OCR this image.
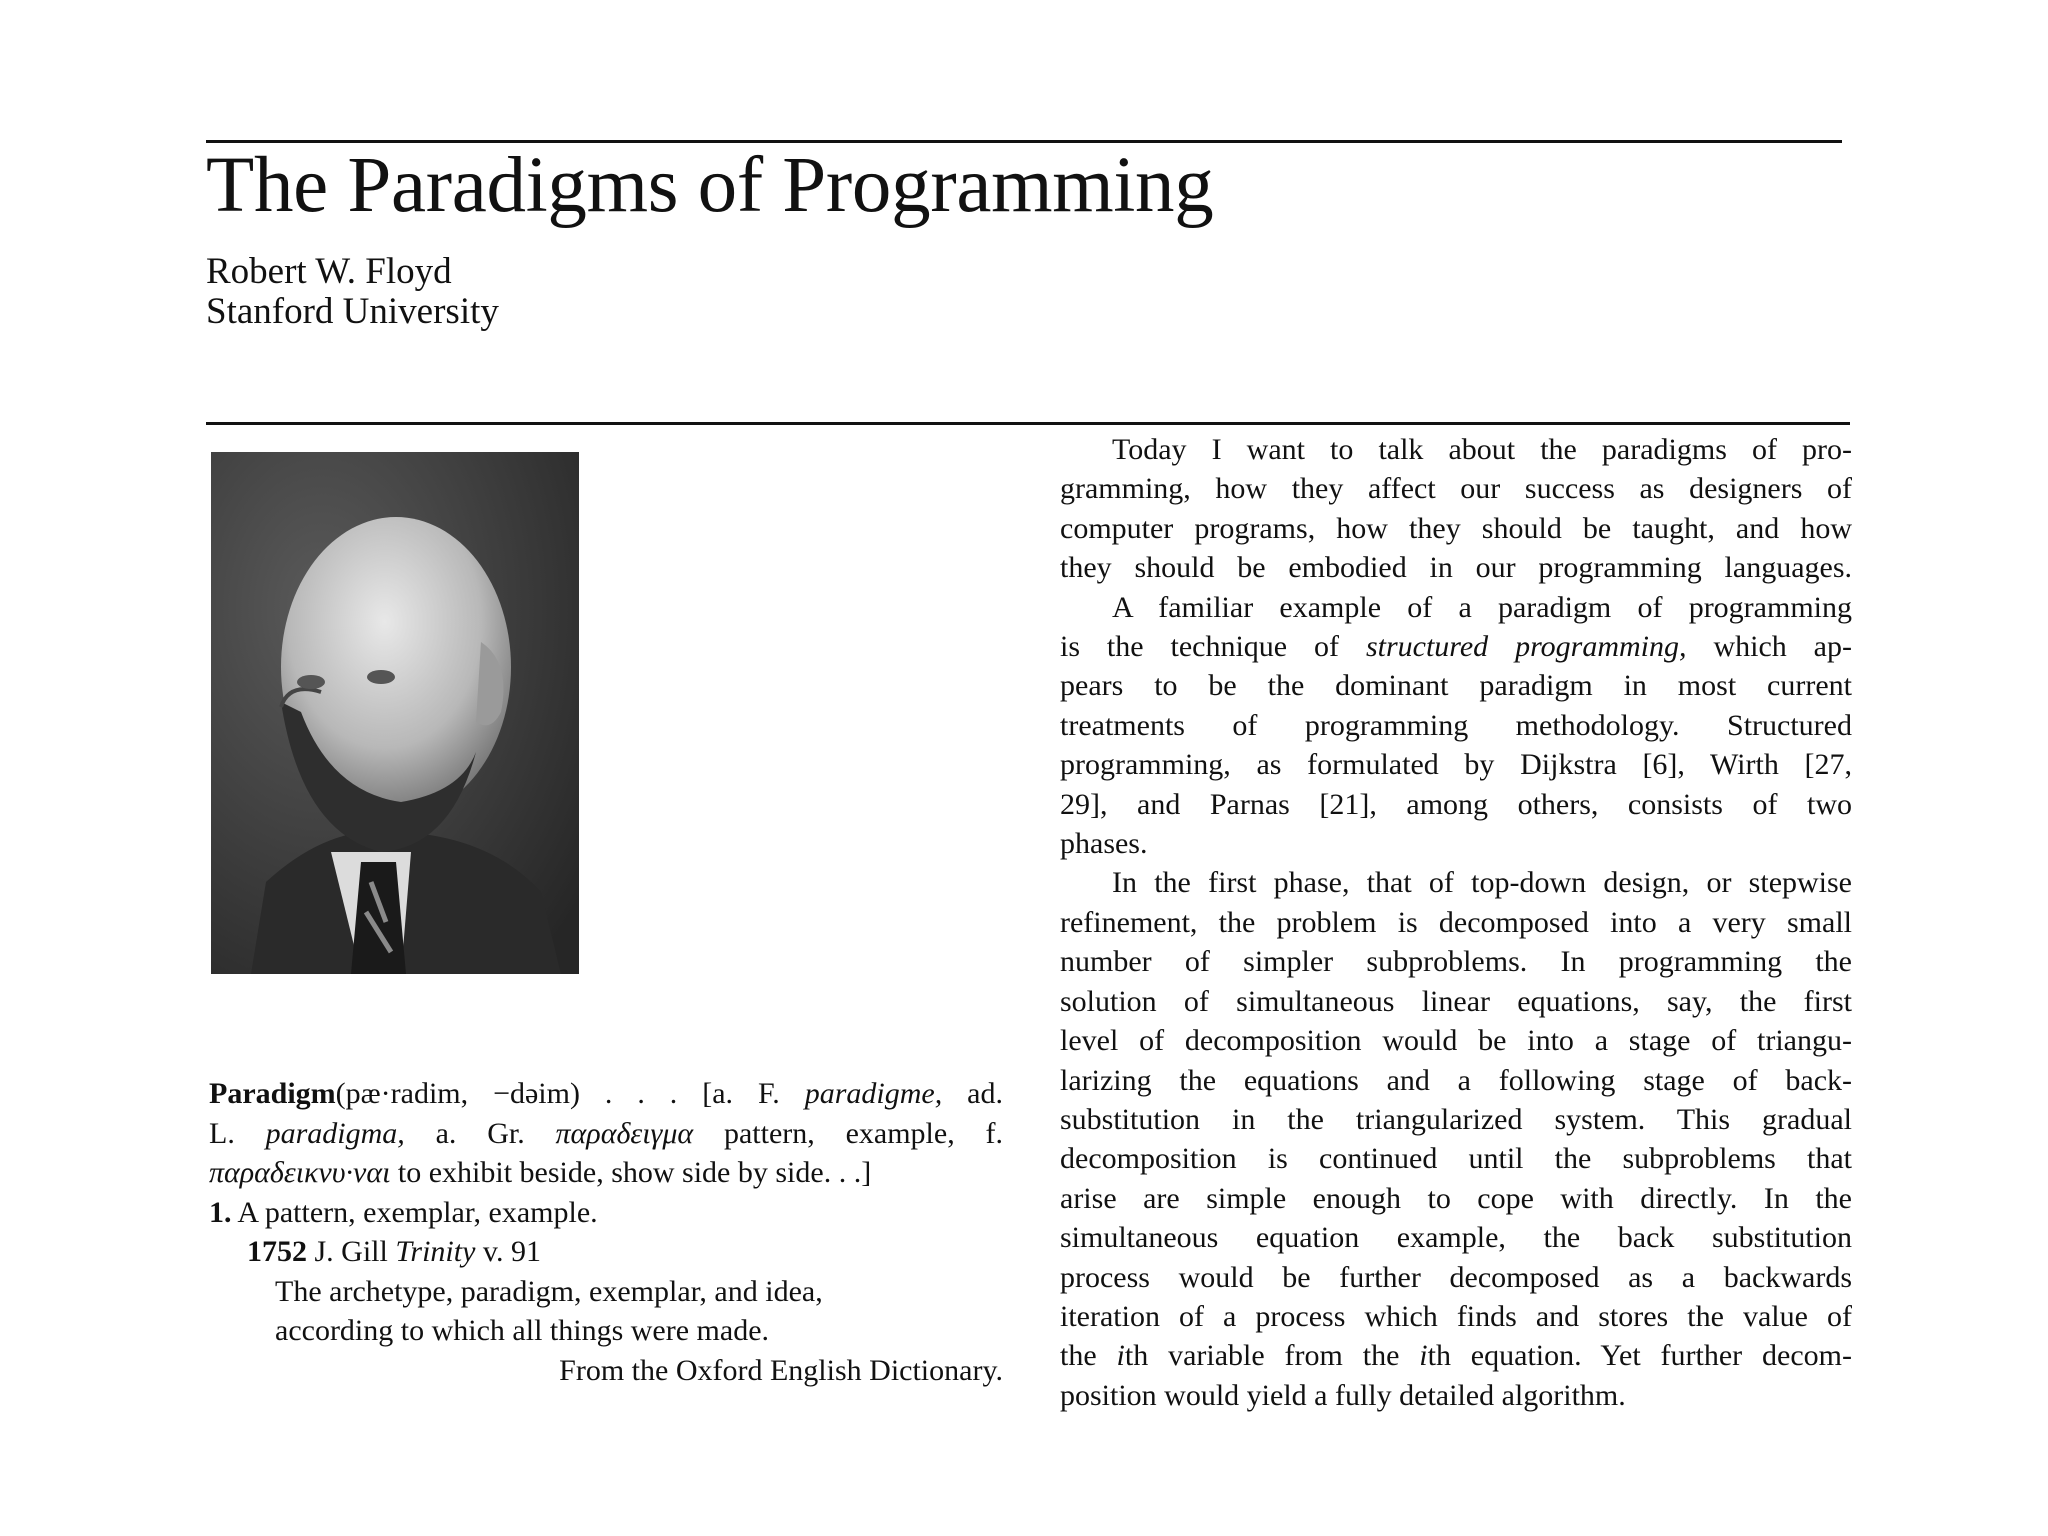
The Paradigms of Programming
Robert W. Floyd
Stanford University
Paradigm(pæ·radim, −dəim) . . . [a. F. paradigme, ad.
L. paradigma, a. Gr. παραδειγμα pattern, example, f.
παραδεικνυ·ναι to exhibit beside, show side by side. . .]
1. A pattern, exemplar, example.
1752 J. Gill Trinity v. 91
The archetype, paradigm, exemplar, and idea,
according to which all things were made.
From the Oxford English Dictionary.
Today I want to talk about the paradigms of pro-
gramming, how they affect our success as designers of
computer programs, how they should be taught, and how
they should be embodied in our programming languages.
A familiar example of a paradigm of programming
is the technique of structured programming, which ap-
pears to be the dominant paradigm in most current
treatments of programming methodology. Structured
programming, as formulated by Dijkstra [6], Wirth [27,
29], and Parnas [21], among others, consists of two
phases.
In the first phase, that of top-down design, or stepwise
refinement, the problem is decomposed into a very small
number of simpler subproblems. In programming the
solution of simultaneous linear equations, say, the first
level of decomposition would be into a stage of triangu-
larizing the equations and a following stage of back-
substitution in the triangularized system. This gradual
decomposition is continued until the subproblems that
arise are simple enough to cope with directly. In the
simultaneous equation example, the back substitution
process would be further decomposed as a backwards
iteration of a process which finds and stores the value of
the ith variable from the ith equation. Yet further decom-
position would yield a fully detailed algorithm.
